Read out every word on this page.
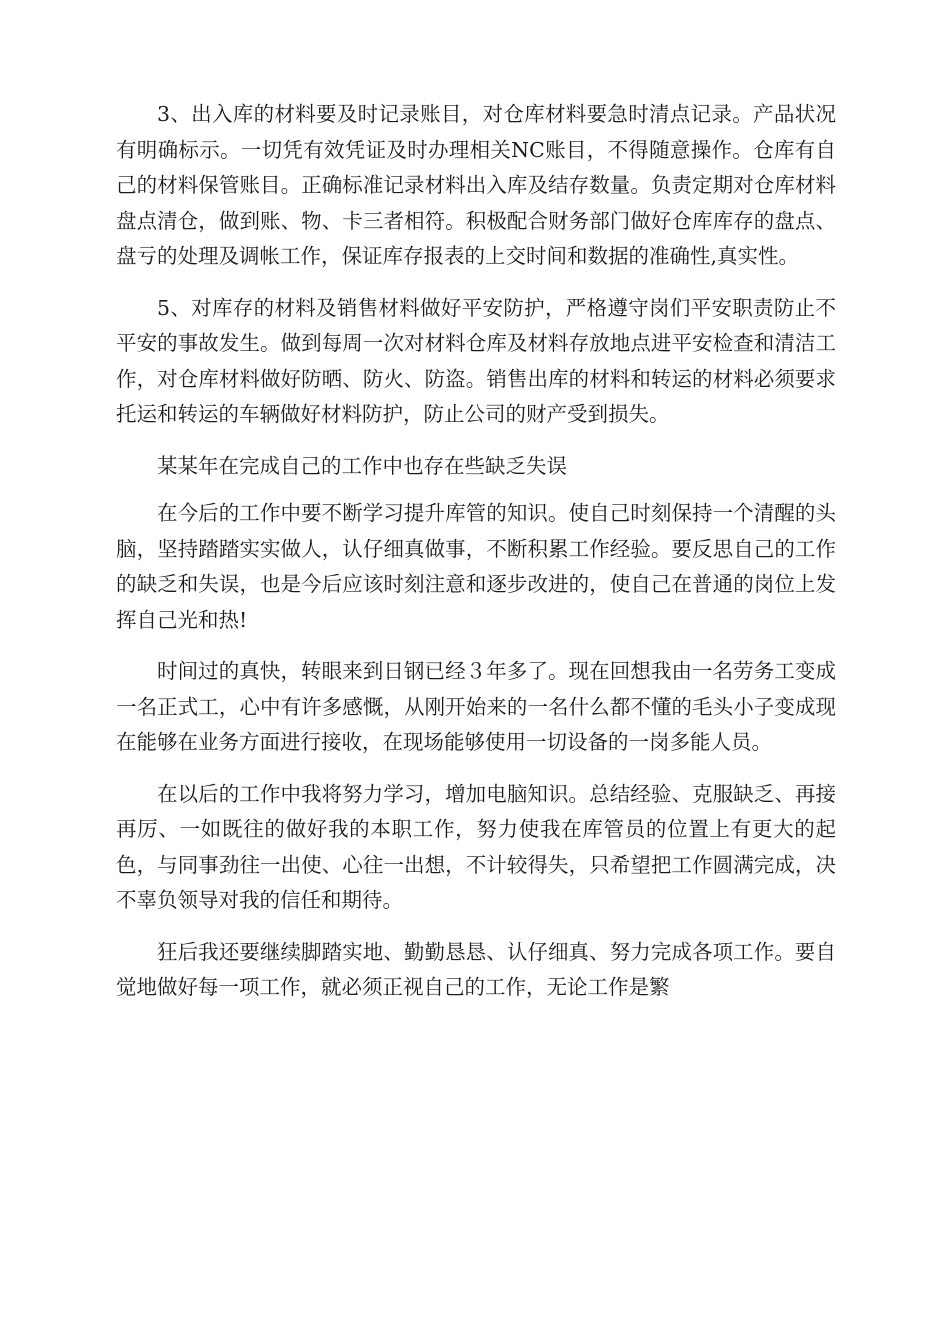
3、出入库的材料要及时记录账目，对仓库材料要急时清点记录。产品状况有明确标示。一切凭有效凭证及时办理相关NC账目，不得随意操作。仓库有自己的材料保管账目。正确标准记录材料出入库及结存数量。负责定期对仓库材料盘点清仓，做到账、物、卡三者相符。积极配合财务部门做好仓库库存的盘点、盘亏的处理及调帐工作，保证库存报表的上交时间和数据的准确性,真实性。

5、对库存的材料及销售材料做好平安防护，严格遵守岗们平安职责防止不平安的事故发生。做到每周一次对材料仓库及材料存放地点进平安检查和清洁工作，对仓库材料做好防晒、防火、防盗。销售出库的材料和转运的材料必须要求托运和转运的车辆做好材料防护，防止公司的财产受到损失。

某某年在完成自己的工作中也存在些缺乏失误

在今后的工作中要不断学习提升库管的知识。使自己时刻保持一个清醒的头脑，坚持踏踏实实做人，认仔细真做事，不断积累工作经验。要反思自己的工作的缺乏和失误，也是今后应该时刻注意和逐步改进的，使自己在普通的岗位上发挥自己光和热!

时间过的真快，转眼来到日钢已经３年多了。现在回想我由一名劳务工变成一名正式工，心中有许多感慨，从刚开始来的一名什么都不懂的毛头小子变成现在能够在业务方面进行接收，在现场能够使用一切设备的一岗多能人员。

在以后的工作中我将努力学习，增加电脑知识。总结经验、克服缺乏、再接再厉、一如既往的做好我的本职工作，努力使我在库管员的位置上有更大的起色，与同事劲往一出使、心往一出想，不计较得失，只希望把工作圆满完成，决不辜负领导对我的信任和期待。

狂后我还要继续脚踏实地、勤勤恳恳、认仔细真、努力完成各项工作。要自觉地做好每一项工作，就必须正视自己的工作，无论工作是繁
